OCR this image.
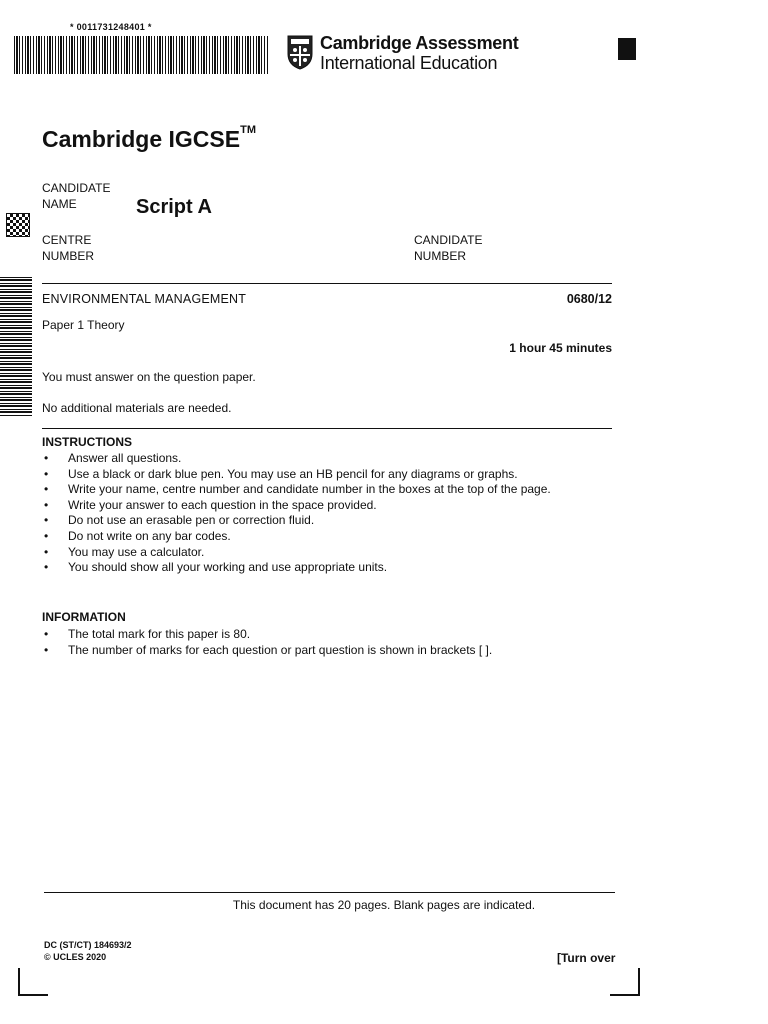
* 0011731248401 *
Cambridge Assessment
International Education
Cambridge IGCSE™
CANDIDATE
NAME	Script A
CENTRE
NUMBER
CANDIDATE
NUMBER
ENVIRONMENTAL MANAGEMENT	0680/12
Paper 1 Theory
1 hour 45 minutes
You must answer on the question paper.
No additional materials are needed.
INSTRUCTIONS
• Answer all questions.
• Use a black or dark blue pen. You may use an HB pencil for any diagrams or graphs.
• Write your name, centre number and candidate number in the boxes at the top of the page.
• Write your answer to each question in the space provided.
• Do not use an erasable pen or correction fluid.
• Do not write on any bar codes.
• You may use a calculator.
• You should show all your working and use appropriate units.
INFORMATION
• The total mark for this paper is 80.
• The number of marks for each question or part question is shown in brackets [ ].
This document has 20 pages. Blank pages are indicated.
DC (ST/CT) 184693/2
© UCLES 2020	[Turn over
